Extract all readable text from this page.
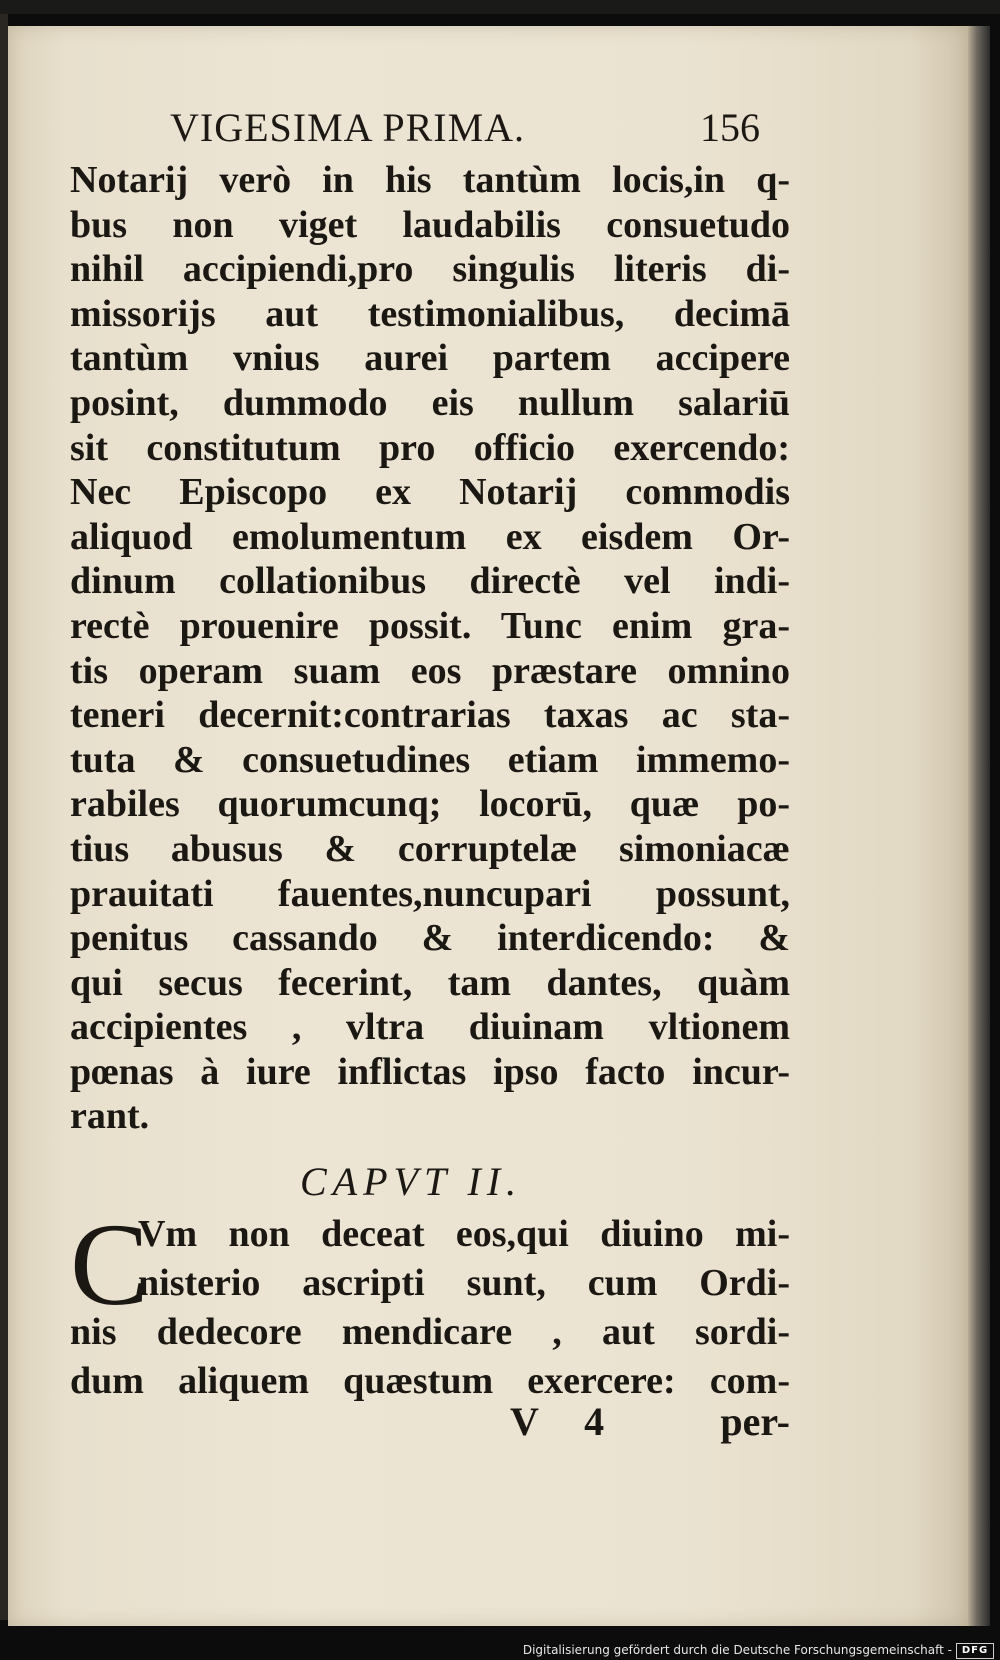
VIGESIMA PRIMA.	156
Notarij verò in his tantùm locis,in q-
bus non viget laudabilis consuetudo
nihil accipiendi,pro singulis literis di-
missorijs aut testimonialibus, decimā
tantùm vnius aurei partem accipere
posint, dummodo eis nullum salariū
sit constitutum pro officio exercendo:
Nec Episcopo ex Notarij commodis
aliquod emolumentum ex eisdem Or-
dinum collationibus directè vel indi-
rectè prouenire possit. Tunc enim gra-
tis operam suam eos præstare omnino
teneri decernit:contrarias taxas ac sta-
tuta & consuetudines etiam immemo-
rabiles quorumcunq; locorū, quæ po-
tius abusus & corruptelæ simoniacæ
prauitati fauentes,nuncupari possunt,
penitus cassando & interdicendo: &
qui secus fecerint, tam dantes, quàm
accipientes , vltra diuinam vltionem
pœnas à iure inflictas ipso facto incur-
rant.
CAPVT II.
C
Vm non deceat eos,qui diuino mi-
nisterio ascripti sunt, cum Ordi-
nis dedecore mendicare , aut sordi-
dum aliquem quæstum exercere: com-
V 4 per-
Digitalisierung gefördert durch die Deutsche Forschungsgemeinschaft - DFG
